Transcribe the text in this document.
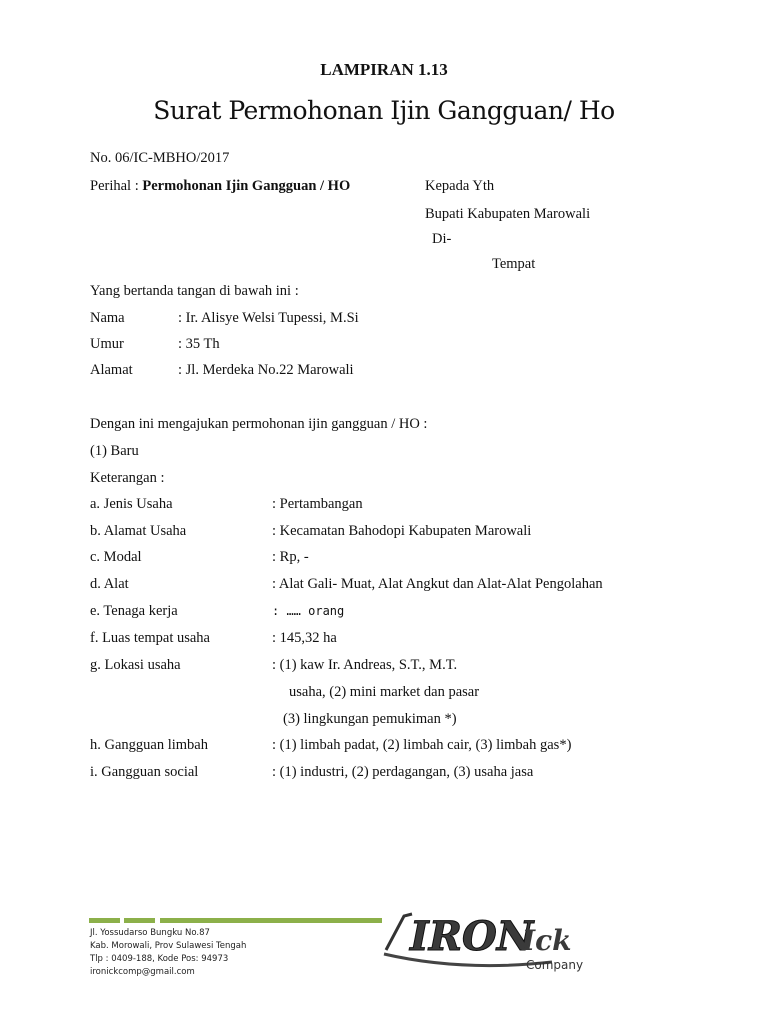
LAMPIRAN 1.13
Surat Permohonan Ijin Gangguan/ Ho
No. 06/IC-MBHO/2017
Perihal : Permohonan Ijin Gangguan / HO	Kepada Yth
Bupati Kabupaten Marowali
Di-
Tempat
Yang bertanda tangan di bawah ini :
Nama	: Ir. Alisye Welsi Tupessi, M.Si
Umur	: 35 Th
Alamat	: Jl. Merdeka No.22 Marowali
Dengan ini mengajukan permohonan ijin gangguan / HO :
(1) Baru
Keterangan :
a. Jenis Usaha	: Pertambangan
b. Alamat Usaha	: Kecamatan Bahodopi Kabupaten Marowali
c. Modal	: Rp, -
d. Alat	: Alat Gali- Muat, Alat Angkut dan Alat-Alat Pengolahan
e. Tenaga kerja	: …… orang
f. Luas tempat usaha	: 145,32 ha
g. Lokasi usaha	: (1) kaw Ir. Andreas, S.T., M.T.
usaha, (2) mini market dan pasar
(3) lingkungan pemukiman *)
h. Gangguan limbah	: (1) limbah padat, (2) limbah cair, (3) limbah gas*)
i. Gangguan social	: (1) industri, (2) perdagangan, (3) usaha jasa
Jl. Yossudarso Bungku No.87
Kab. Morowali, Prov Sulawesi Tengah
Tlp : 0409-188, Kode Pos: 94973
ironickcomp@gmail.com
IRON
Ick
Company
